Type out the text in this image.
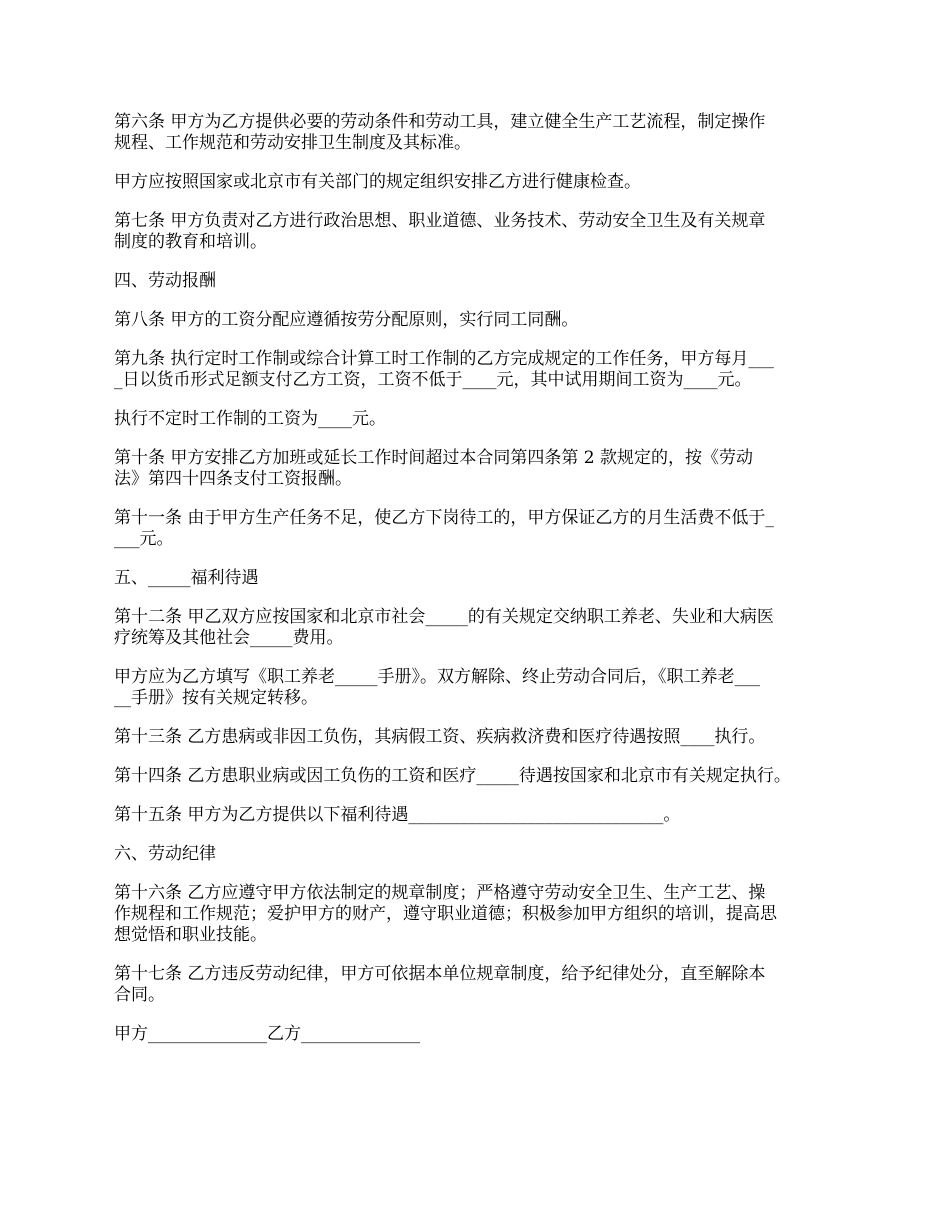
第六条 甲方为乙方提供必要的劳动条件和劳动工具，建立健全生产工艺流程，制定操作
规程、工作规范和劳动安排卫生制度及其标准。

甲方应按照国家或北京市有关部门的规定组织安排乙方进行健康检查。

第七条 甲方负责对乙方进行政治思想、职业道德、业务技术、劳动安全卫生及有关规章
制度的教育和培训。

四、劳动报酬

第八条 甲方的工资分配应遵循按劳分配原则，实行同工同酬。

第九条 执行定时工作制或综合计算工时工作制的乙方完成规定的工作任务，甲方每月___
_日以货币形式足额支付乙方工资，工资不低于____元，其中试用期间工资为____元。

执行不定时工作制的工资为____元。

第十条 甲方安排乙方加班或延长工作时间超过本合同第四条第 2 款规定的，按《劳动
法》第四十四条支付工资报酬。

第十一条 由于甲方生产任务不足，使乙方下岗待工的，甲方保证乙方的月生活费不低于_
___元。

五、_____福利待遇

第十二条 甲乙双方应按国家和北京市社会_____的有关规定交纳职工养老、失业和大病医
疗统筹及其他社会_____费用。

甲方应为乙方填写《职工养老_____手册》。双方解除、终止劳动合同后，《职工养老___
__手册》按有关规定转移。

第十三条 乙方患病或非因工负伤，其病假工资、疾病救济费和医疗待遇按照____执行。

第十四条 乙方患职业病或因工负伤的工资和医疗_____待遇按国家和北京市有关规定执行。

第十五条 甲方为乙方提供以下福利待遇______________________________。

六、劳动纪律

第十六条 乙方应遵守甲方依法制定的规章制度；严格遵守劳动安全卫生、生产工艺、操
作规程和工作规范；爱护甲方的财产，遵守职业道德；积极参加甲方组织的培训，提高思
想觉悟和职业技能。

第十七条 乙方违反劳动纪律，甲方可依据本单位规章制度，给予纪律处分，直至解除本
合同。

甲方______________乙方______________
